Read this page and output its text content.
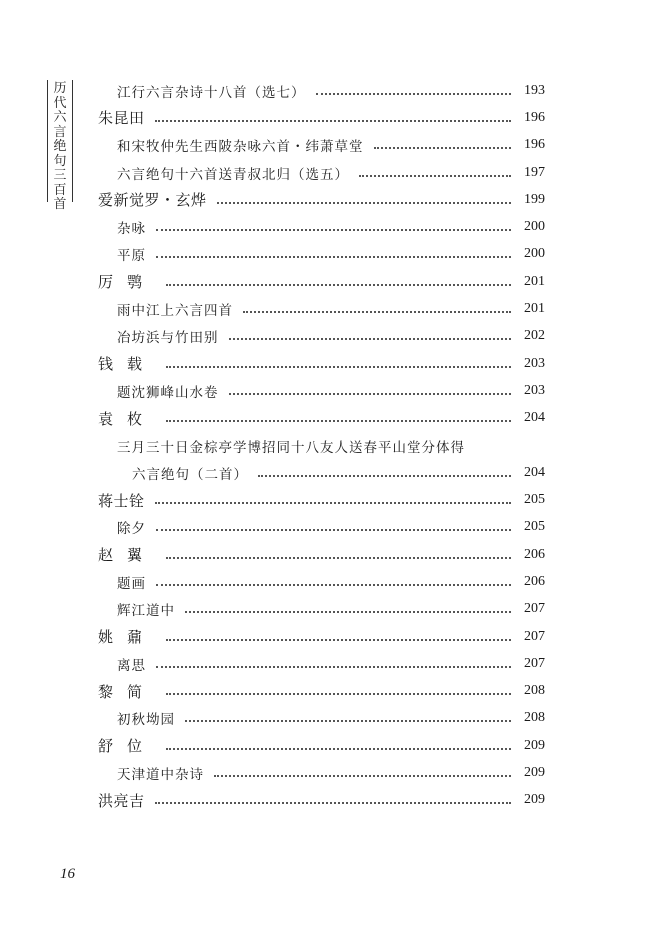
历
代
六
言
绝
句
三
百
首
江行六言杂诗十八首（选七）	193
朱昆田	196
和宋牧仲先生西陂杂咏六首・纬萧草堂	196
六言绝句十六首送青叔北归（选五）	197
爱新觉罗・玄烨	199
杂咏	200
平原	200
厉鹗	201
雨中江上六言四首	201
冶坊浜与竹田别	202
钱载	203
题沈狮峰山水卷	203
袁枚	204
三月三十日金棕亭学博招同十八友人送春平山堂分体得
六言绝句（二首）	204
蒋士铨	205
除夕	205
赵翼	206
题画	206
辉江道中	207
姚鼐	207
离思	207
黎简	208
初秋坳园	208
舒位	209
天津道中杂诗	209
洪亮吉	209
16
